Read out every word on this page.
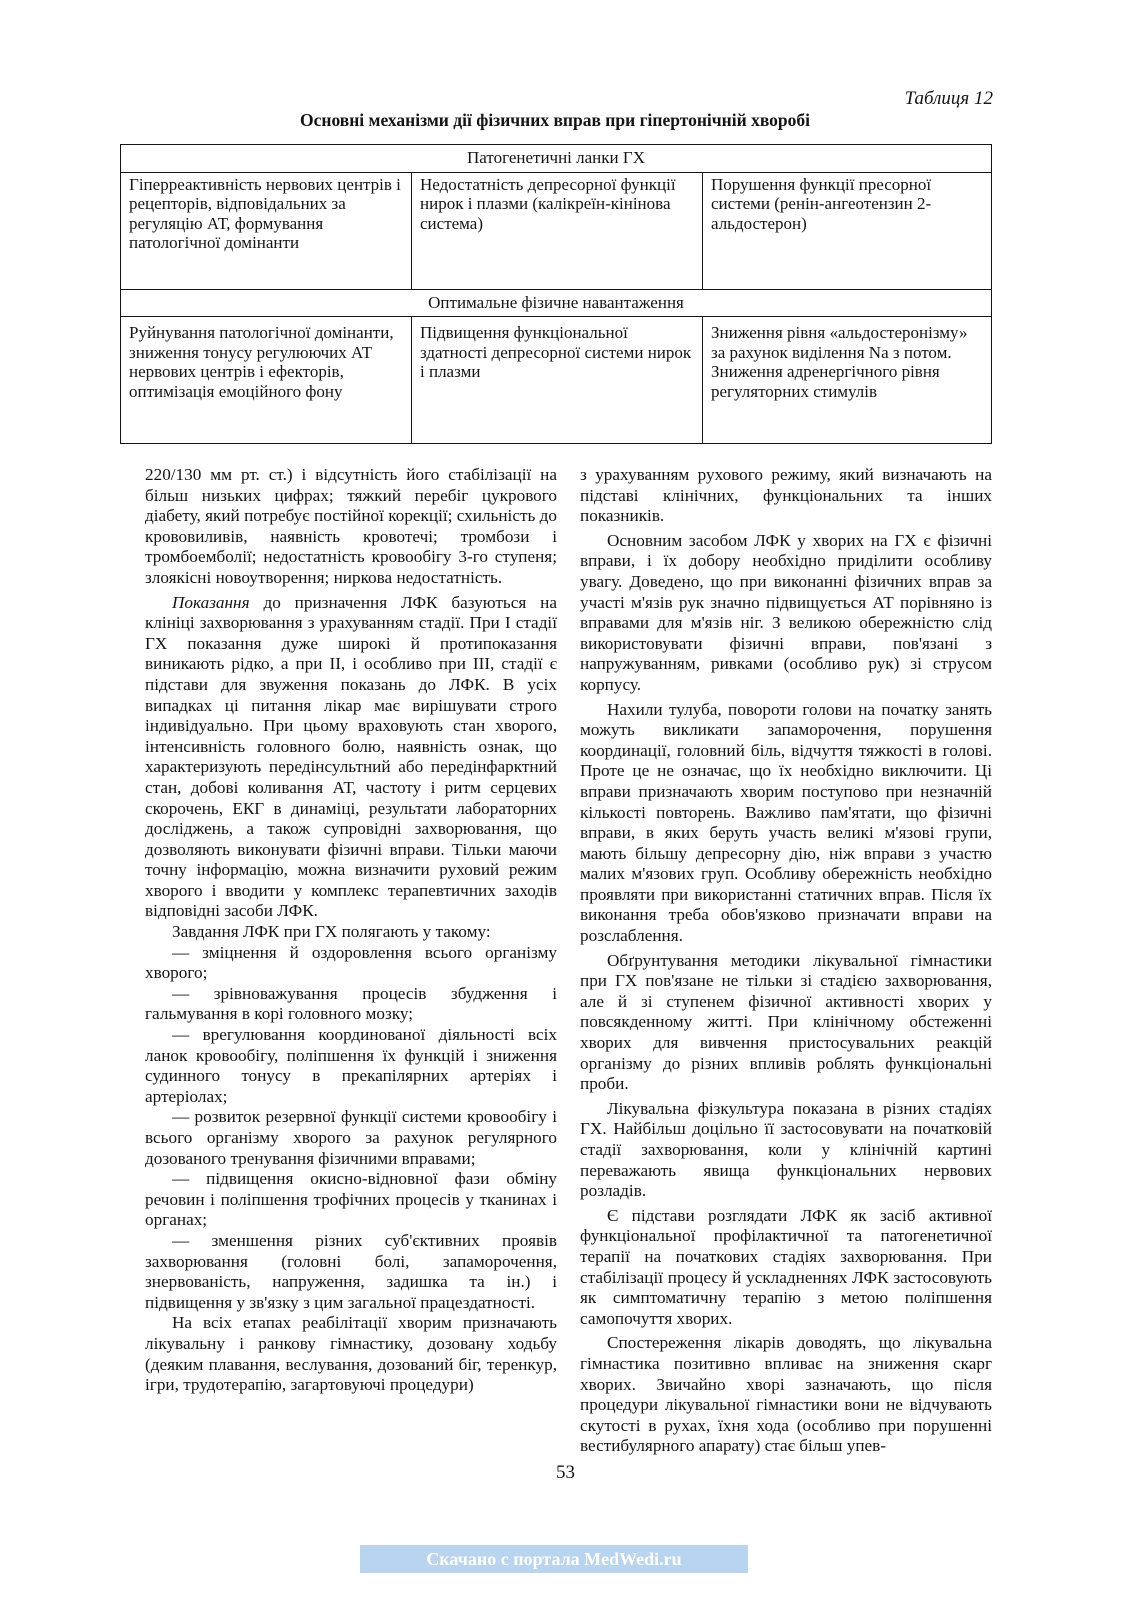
Таблиця 12
Основні механізми дії фізичних вправ при гіпертонічній хворобі
Патогенетичні ланки ГХ		
Гіперреактивність нервових центрів і рецепторів, відповідальних за регуляцію АТ, формування патологічної домінанти	Недостатність депресорної функції нирок і плазми (калікреїн-кінінова система)	Порушення функції пресорної системи (ренін-ангеотензин 2-альдостерон)
Оптимальне фізичне навантаження		
Руйнування патологічної домінанти, зниження тонусу регулюючих АТ нервових центрів і ефекторів, оптимізація емоційного фону	Підвищення функціональної здатності депресорної системи нирок і плазми	Зниження рівня «альдостеронізму» за рахунок виділення Na з потом. Зниження адренергічного рівня регуляторних стимулів

220/130 мм рт. ст.) і відсутність його стабілізації на більш низьких цифрах; тяжкий перебіг цукрового діабету, який потребує постійної корекції; схильність до крововиливів, наявність кровотечі; тромбози і тромбоемболії; недостатність кровообігу 3-го ступеня; злоякісні новоутворення; ниркова недостатність.

Показання до призначення ЛФК базуються на клініці захворювання з урахуванням стадії. При І стадії ГХ показання дуже широкі й протипоказання виникають рідко, а при II, і особливо при III, стадії є підстави для звуження показань до ЛФК. В усіх випадках ці питання лікар має вирішувати строго індивідуально. При цьому враховують стан хворого, інтенсивність головного болю, наявність ознак, що характеризують передінсультний або передінфарктний стан, добові коливання АТ, частоту і ритм серцевих скорочень, ЕКГ в динаміці, результати лабораторних досліджень, а також супровідні захворювання, що дозволяють виконувати фізичні вправи. Тільки маючи точну інформацію, можна визначити руховий режим хворого і вводити у комплекс терапевтичних заходів відповідні засоби ЛФК.

Завдання ЛФК при ГХ полягають у такому:

— зміцнення й оздоровлення всього організму хворого;

— зрівноважування процесів збудження і гальмування в корі головного мозку;

— врегулювання координованої діяльності всіх ланок кровообігу, поліпшення їх функцій і зниження судинного тонусу в прекапілярних артеріях і артеріолах;

— розвиток резервної функції системи кровообігу і всього організму хворого за рахунок регулярного дозованого тренування фізичними вправами;

— підвищення окисно-відновної фази обміну речовин і поліпшення трофічних процесів у тканинах і органах;

— зменшення різних суб'єктивних проявів захворювання (головні болі, запаморочення, знервованість, напруження, задишка та ін.) і підвищення у зв'язку з цим загальної працездатності.

На всіх етапах реабілітації хворим призначають лікувальну і ранкову гімнастику, дозовану ходьбу (деяким плавання, веслування, дозований біг, теренкур, ігри, трудотерапію, загартовуючі процедури)

з урахуванням рухового режиму, який визначають на підставі клінічних, функціональних та інших показників.

Основним засобом ЛФК у хворих на ГХ є фізичні вправи, і їх добору необхідно приділити особливу увагу. Доведено, що при виконанні фізичних вправ за участі м'язів рук значно підвищується АТ порівняно із вправами для м'язів ніг. З великою обережністю слід використовувати фізичні вправи, пов'язані з напружуванням, ривками (особливо рук) зі струсом корпусу.

Нахили тулуба, повороти голови на початку занять можуть викликати запаморочення, порушення координації, головний біль, відчуття тяжкості в голові. Проте це не означає, що їх необхідно виключити. Ці вправи призначають хворим поступово при незначній кількості повторень. Важливо пам'ятати, що фізичні вправи, в яких беруть участь великі м'язові групи, мають більшу депресорну дію, ніж вправи з участю малих м'язових груп. Особливу обережність необхідно проявляти при використанні статичних вправ. Після їх виконання треба обов'язково призначати вправи на розслаблення.

Обґрунтування методики лікувальної гімнастики при ГХ пов'язане не тільки зі стадією захворювання, але й зі ступенем фізичної активності хворих у повсякденному житті. При клінічному обстеженні хворих для вивчення пристосувальних реакцій організму до різних впливів роблять функціональні проби.

Лікувальна фізкультура показана в різних стадіях ГХ. Найбільш доцільно її застосовувати на початковій стадії захворювання, коли у клінічній картині переважають явища функціональних нервових розладів.

Є підстави розглядати ЛФК як засіб активної функціональної профілактичної та патогенетичної терапії на початкових стадіях захворювання. При стабілізації процесу й ускладненнях ЛФК застосовують як симптоматичну терапію з метою поліпшення самопочуття хворих.

Спостереження лікарів доводять, що лікувальна гімнастика позитивно впливає на зниження скарг хворих. Звичайно хворі зазначають, що після процедури лікувальної гімнастики вони не відчувають скутості в рухах, їхня хода (особливо при порушенні вестибулярного апарату) стає більш упев-

53
Скачано с портала MedWedi.ru
